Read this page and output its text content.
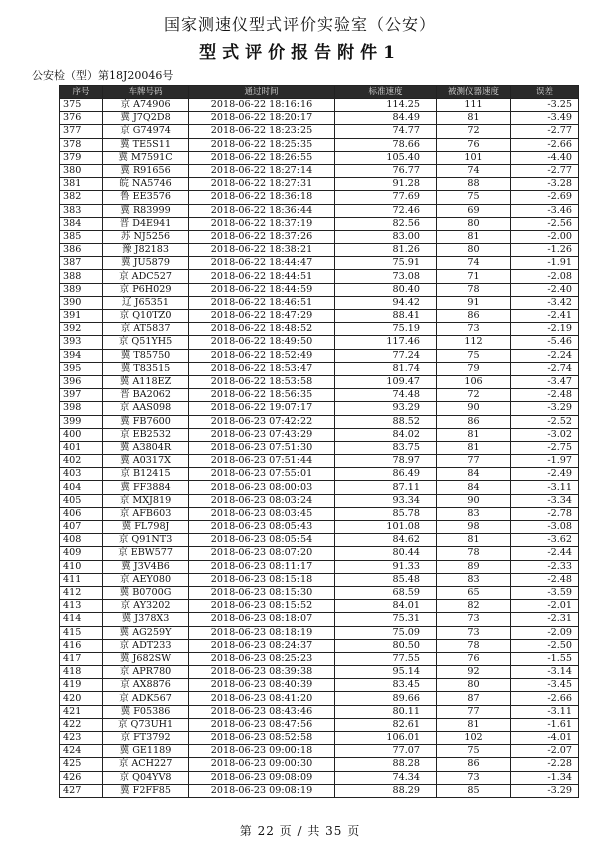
国家测速仪型式评价实验室（公安）
型式评价报告附件1
公安检（型）第18J20046号
序号	车牌号码	通过时间	标准速度	被测仪器速度	误差
375	京 A74906	2018-06-22 18:16:16	114.25	111	-3.25
376	冀 J7Q2D8	2018-06-22 18:20:17	84.49	81	-3.49
377	京 G74974	2018-06-22 18:23:25	74.77	72	-2.77
378	冀 TE5S11	2018-06-22 18:25:35	78.66	76	-2.66
379	冀 M7591C	2018-06-22 18:26:55	105.40	101	-4.40
380	冀 R91656	2018-06-22 18:27:14	76.77	74	-2.77
381	皖 NA5746	2018-06-22 18:27:31	91.28	88	-3.28
382	鲁 EE3576	2018-06-22 18:36:18	77.69	75	-2.69
383	冀 R83999	2018-06-22 18:36:44	72.46	69	-3.46
384	晋 D4E941	2018-06-22 18:37:19	82.56	80	-2.56
385	苏 NJ5256	2018-06-22 18:37:26	83.00	81	-2.00
386	豫 J82183	2018-06-22 18:38:21	81.26	80	-1.26
387	冀 JU5879	2018-06-22 18:44:47	75.91	74	-1.91
388	京 ADC527	2018-06-22 18:44:51	73.08	71	-2.08
389	京 P6H029	2018-06-22 18:44:59	80.40	78	-2.40
390	辽 J65351	2018-06-22 18:46:51	94.42	91	-3.42
391	京 Q10TZ0	2018-06-22 18:47:29	88.41	86	-2.41
392	京 AT5837	2018-06-22 18:48:52	75.19	73	-2.19
393	京 Q51YH5	2018-06-22 18:49:50	117.46	112	-5.46
394	冀 T85750	2018-06-22 18:52:49	77.24	75	-2.24
395	冀 T83515	2018-06-22 18:53:47	81.74	79	-2.74
396	冀 A118EZ	2018-06-22 18:53:58	109.47	106	-3.47
397	晋 BA2062	2018-06-22 18:56:35	74.48	72	-2.48
398	京 AAS098	2018-06-22 19:07:17	93.29	90	-3.29
399	冀 FB7600	2018-06-23 07:42:22	88.52	86	-2.52
400	京 EB2532	2018-06-23 07:43:29	84.02	81	-3.02
401	冀 A3804R	2018-06-23 07:51:30	83.75	81	-2.75
402	冀 A0317X	2018-06-23 07:51:44	78.97	77	-1.97
403	京 B12415	2018-06-23 07:55:01	86.49	84	-2.49
404	冀 FF3884	2018-06-23 08:00:03	87.11	84	-3.11
405	京 MXJ819	2018-06-23 08:03:24	93.34	90	-3.34
406	京 AFB603	2018-06-23 08:03:45	85.78	83	-2.78
407	冀 FL798J	2018-06-23 08:05:43	101.08	98	-3.08
408	京 Q91NT3	2018-06-23 08:05:54	84.62	81	-3.62
409	京 EBW577	2018-06-23 08:07:20	80.44	78	-2.44
410	冀 J3V4B6	2018-06-23 08:11:17	91.33	89	-2.33
411	京 AEY080	2018-06-23 08:15:18	85.48	83	-2.48
412	冀 B0700G	2018-06-23 08:15:30	68.59	65	-3.59
413	京 AY3202	2018-06-23 08:15:52	84.01	82	-2.01
414	冀 J378X3	2018-06-23 08:18:07	75.31	73	-2.31
415	冀 AG259Y	2018-06-23 08:18:19	75.09	73	-2.09
416	京 ADT233	2018-06-23 08:24:37	80.50	78	-2.50
417	冀 J682SW	2018-06-23 08:25:23	77.55	76	-1.55
418	京 APR780	2018-06-23 08:39:38	95.14	92	-3.14
419	京 AX8876	2018-06-23 08:40:39	83.45	80	-3.45
420	京 ADK567	2018-06-23 08:41:20	89.66	87	-2.66
421	冀 F05386	2018-06-23 08:43:46	80.11	77	-3.11
422	京 Q73UH1	2018-06-23 08:47:56	82.61	81	-1.61
423	京 FT3792	2018-06-23 08:52:58	106.01	102	-4.01
424	冀 GE1189	2018-06-23 09:00:18	77.07	75	-2.07
425	京 ACH227	2018-06-23 09:00:30	88.28	86	-2.28
426	京 Q04YV8	2018-06-23 09:08:09	74.34	73	-1.34
427	冀 F2FF85	2018-06-23 09:08:19	88.29	85	-3.29
第 22 页 / 共 35 页
